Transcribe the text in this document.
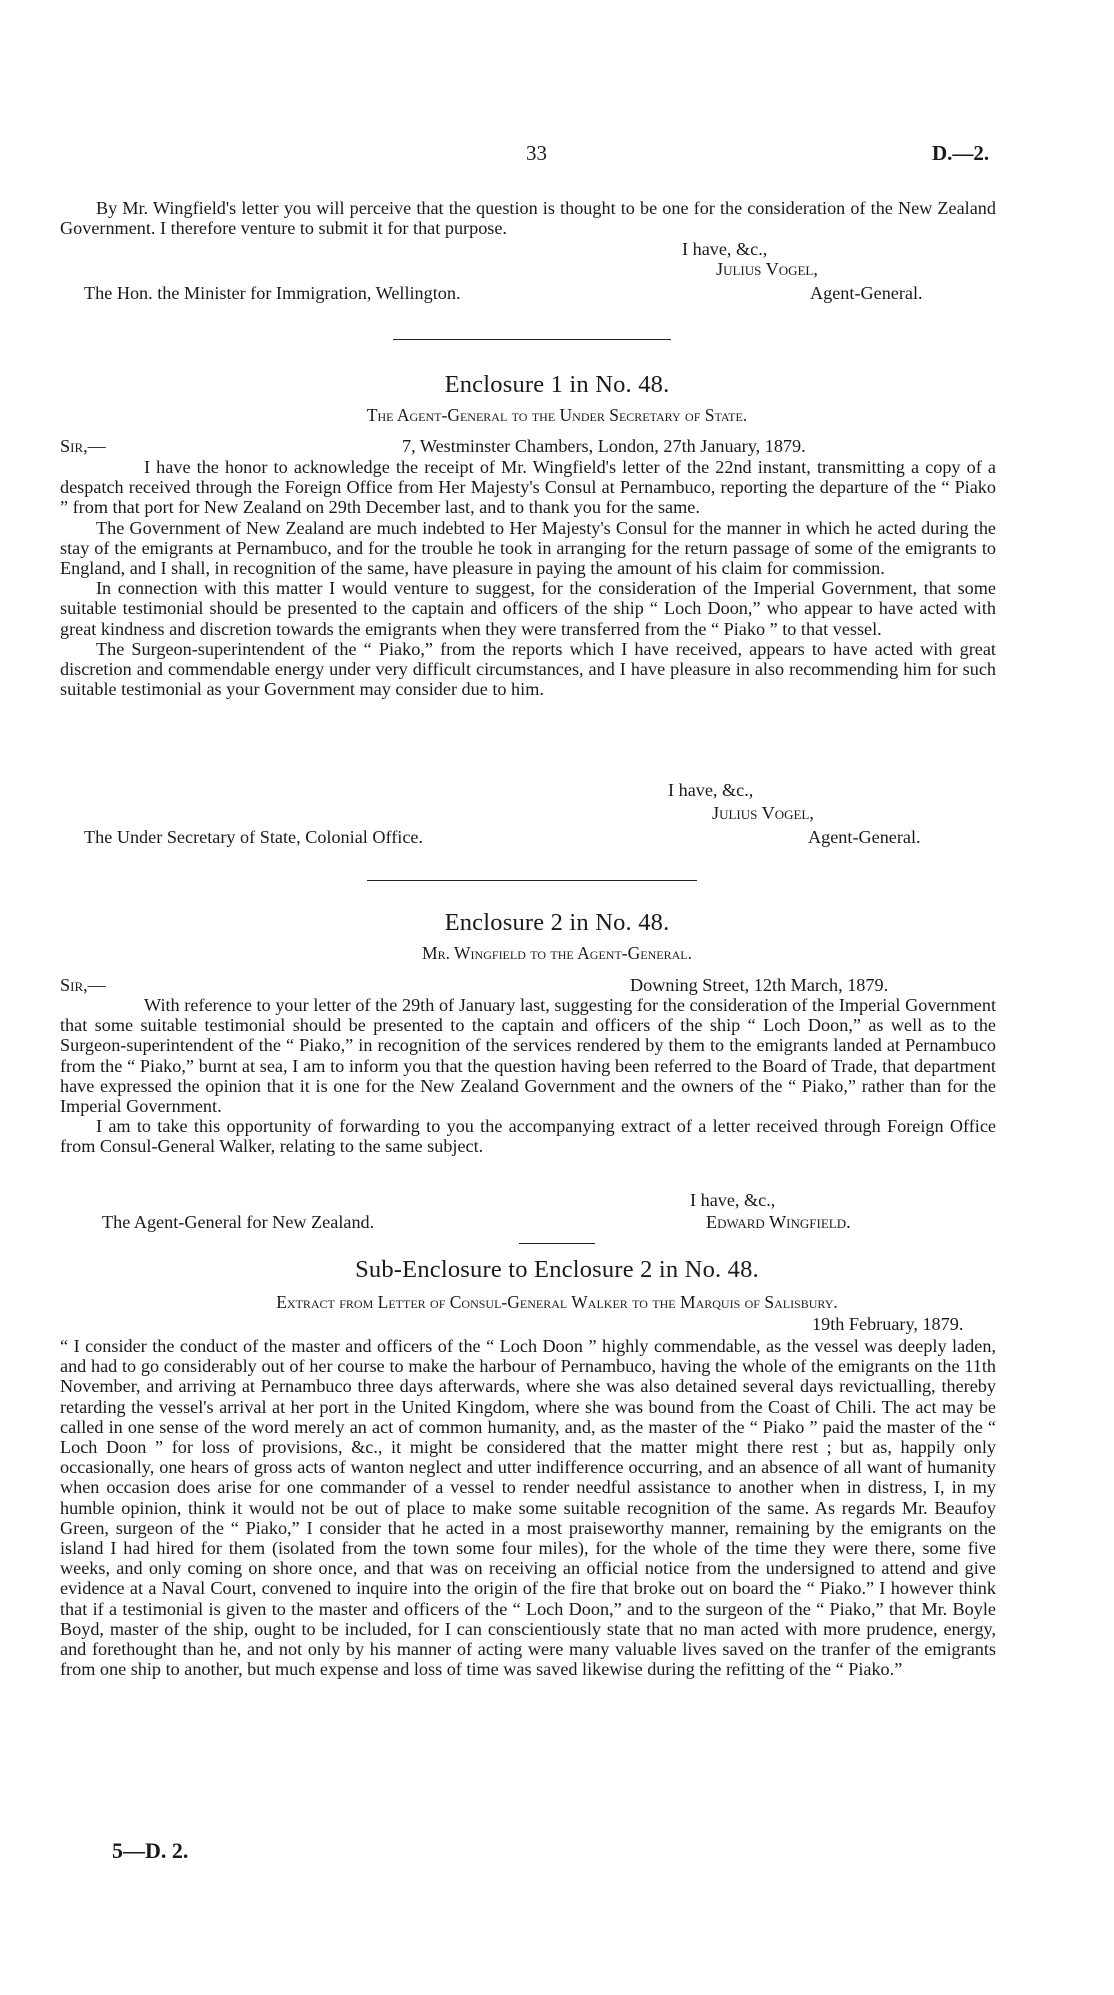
33	D.—2.
By Mr. Wingfield's letter you will perceive that the question is thought to be one for the consideration of the New Zealand Government. I therefore venture to submit it for that purpose.
I have, &c.,
Julius Vogel,
The Hon. the Minister for Immigration, Wellington.	Agent-General.
Enclosure 1 in No. 48.
The Agent-General to the Under Secretary of State.
Sir,—	7, Westminster Chambers, London, 27th January, 1879.
I have the honor to acknowledge the receipt of Mr. Wingfield's letter of the 22nd instant, transmitting a copy of a despatch received through the Foreign Office from Her Majesty's Consul at Pernambuco, reporting the departure of the “ Piako ” from that port for New Zealand on 29th December last, and to thank you for the same.
The Government of New Zealand are much indebted to Her Majesty's Consul for the manner in which he acted during the stay of the emigrants at Pernambuco, and for the trouble he took in arranging for the return passage of some of the emigrants to England, and I shall, in recognition of the same, have pleasure in paying the amount of his claim for commission.
In connection with this matter I would venture to suggest, for the consideration of the Imperial Government, that some suitable testimonial should be presented to the captain and officers of the ship “ Loch Doon,” who appear to have acted with great kindness and discretion towards the emigrants when they were transferred from the “ Piako ” to that vessel.
The Surgeon-superintendent of the “ Piako,” from the reports which I have received, appears to have acted with great discretion and commendable energy under very difficult circumstances, and I have pleasure in also recommending him for such suitable testimonial as your Government may consider due to him.
I have, &c.,
Julius Vogel,
The Under Secretary of State, Colonial Office.	Agent-General.
Enclosure 2 in No. 48.
Mr. Wingfield to the Agent-General.
Sir,—	Downing Street, 12th March, 1879.
With reference to your letter of the 29th of January last, suggesting for the consideration of the Imperial Government that some suitable testimonial should be presented to the captain and officers of the ship “ Loch Doon,” as well as to the Surgeon-superintendent of the “ Piako,” in recognition of the services rendered by them to the emigrants landed at Pernambuco from the “ Piako,” burnt at sea, I am to inform you that the question having been referred to the Board of Trade, that department have expressed the opinion that it is one for the New Zealand Government and the owners of the “ Piako,” rather than for the Imperial Government.
I am to take this opportunity of forwarding to you the accompanying extract of a letter received through Foreign Office from Consul-General Walker, relating to the same subject.
I have, &c.,
The Agent-General for New Zealand.	Edward Wingfield.
Sub-Enclosure to Enclosure 2 in No. 48.
Extract from Letter of Consul-General Walker to the Marquis of Salisbury.
19th February, 1879.
“ I consider the conduct of the master and officers of the “ Loch Doon ” highly commendable, as the vessel was deeply laden, and had to go considerably out of her course to make the harbour of Pernambuco, having the whole of the emigrants on the 11th November, and arriving at Pernambuco three days afterwards, where she was also detained several days revictualling, thereby retarding the vessel's arrival at her port in the United Kingdom, where she was bound from the Coast of Chili. The act may be called in one sense of the word merely an act of common humanity, and, as the master of the “ Piako ” paid the master of the “ Loch Doon ” for loss of provisions, &c., it might be considered that the matter might there rest ; but as, happily only occasionally, one hears of gross acts of wanton neglect and utter indifference occurring, and an absence of all want of humanity when occasion does arise for one commander of a vessel to render needful assistance to another when in distress, I, in my humble opinion, think it would not be out of place to make some suitable recognition of the same. As regards Mr. Beaufoy Green, surgeon of the “ Piako,” I consider that he acted in a most praiseworthy manner, remaining by the emigrants on the island I had hired for them (isolated from the town some four miles), for the whole of the time they were there, some five weeks, and only coming on shore once, and that was on receiving an official notice from the undersigned to attend and give evidence at a Naval Court, convened to inquire into the origin of the fire that broke out on board the “ Piako.” I however think that if a testimonial is given to the master and officers of the “ Loch Doon,” and to the surgeon of the “ Piako,” that Mr. Boyle Boyd, master of the ship, ought to be included, for I can conscientiously state that no man acted with more prudence, energy, and forethought than he, and not only by his manner of acting were many valuable lives saved on the tranfer of the emigrants from one ship to another, but much expense and loss of time was saved likewise during the refitting of the “ Piako.”
5—D. 2.
